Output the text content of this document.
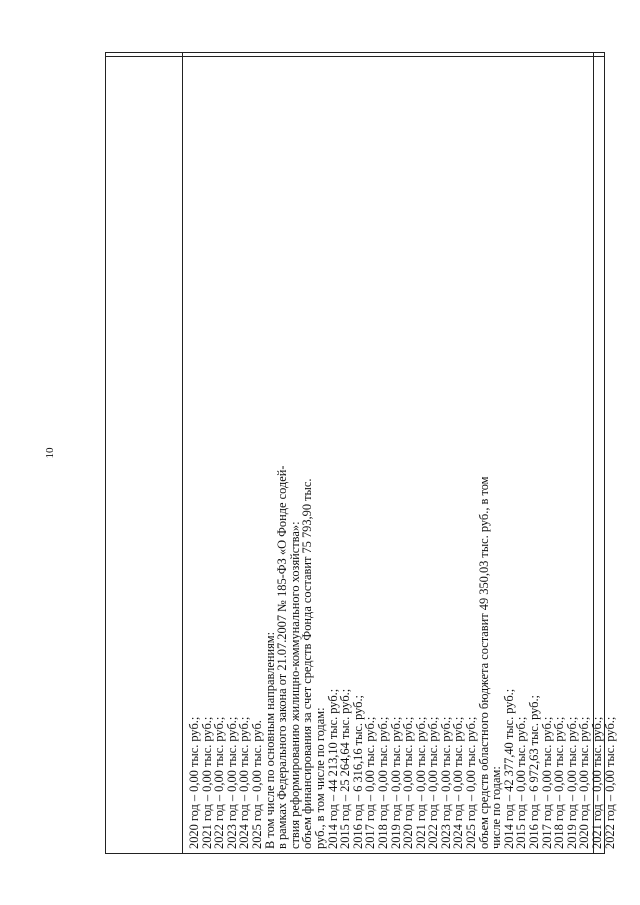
10
2020 год – 0,00 тыс. руб.;
2021 год – 0,00 тыс. руб.;
2022 год – 0,00 тыс. руб.;
2023 год – 0,00 тыс. руб.;
2024 год – 0,00 тыс. руб.;
2025 год – 0,00 тыс. руб.
В том числе по основным направлениям:
в рамках Федерального закона от 21.07.2007 № 185-ФЗ «О Фонде содей-
ствия реформированию жилищно-коммунального хозяйства»:
объем финансирования за счет средств Фонда составит 75 793,90 тыс.
руб., в том числе по годам:
2014 год – 44 213,10 тыс. руб.;
2015 год – 25 264,64 тыс. руб.;
2016 год – 6 316,16 тыс. руб.;
2017 год – 0,00 тыс. руб.;
2018 год – 0,00 тыс. руб.;
2019 год – 0,00 тыс. руб.;
2020 год – 0,00 тыс. руб.;
2021 год – 0,00 тыс. руб.;
2022 год – 0,00 тыс. руб.;
2023 год – 0,00 тыс. руб.;
2024 год – 0,00 тыс. руб.;
2025 год – 0,00 тыс. руб.;
объем средств областного бюджета составит 49 350,03 тыс. руб., в том
числе по годам:
2014 год – 42 377,40 тыс. руб.;
2015 год – 0,00 тыс. руб.;
2016 год – 6 972,63 тыс. руб.;
2017 год – 0,00 тыс. руб.;
2018 год – 0,00 тыс. руб.;
2019 год – 0,00 тыс. руб.;
2020 год – 0,00 тыс. руб.;
2021 год – 0,00 тыс. руб.;
2022 год – 0,00 тыс. руб.;
